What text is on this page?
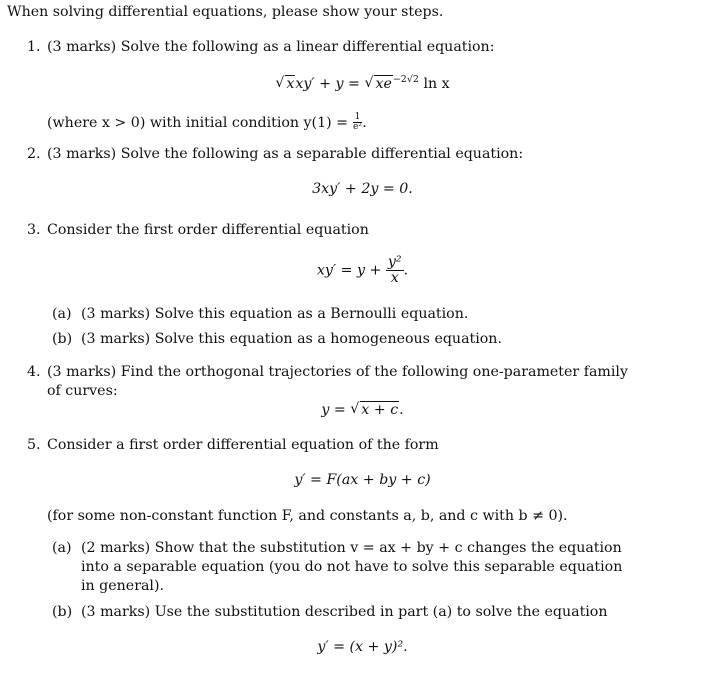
When solving differential equations, please show your steps.
1. (3 marks) Solve the following as a linear differential equation:
√ xxy′ + y = √ $xe^{-2√2}$ ln x
(where x > 0) with initial condition $y(1) = \frac{1}{\text{e²}}$ .
2. (3 marks) Solve the following as a separable differential equation:
3xy′ + 2y = 0.
3. Consider the first order differential equation
$xy' = y + \frac{\text{y²}}{x}$ .
(a) (3 marks) Solve this equation as a Bernoulli equation.
(b) (3 marks) Solve this equation as a homogeneous equation.
4. (3 marks) Find the orthogonal trajectories of the following one-parameter family
of curves:
y = √ x + c.
5. Consider a first order differential equation of the form
y′ = F(ax + by + c)
(for some non-constant function F, and constants a, b, and c with b ≠ 0).
(a) (2 marks) Show that the substitution v = ax + by + c changes the equation
into a separable equation (you do not have to solve this separable equation
in general).
(b) (3 marks) Use the substitution described in part (a) to solve the equation
y′ = (x + y)².
